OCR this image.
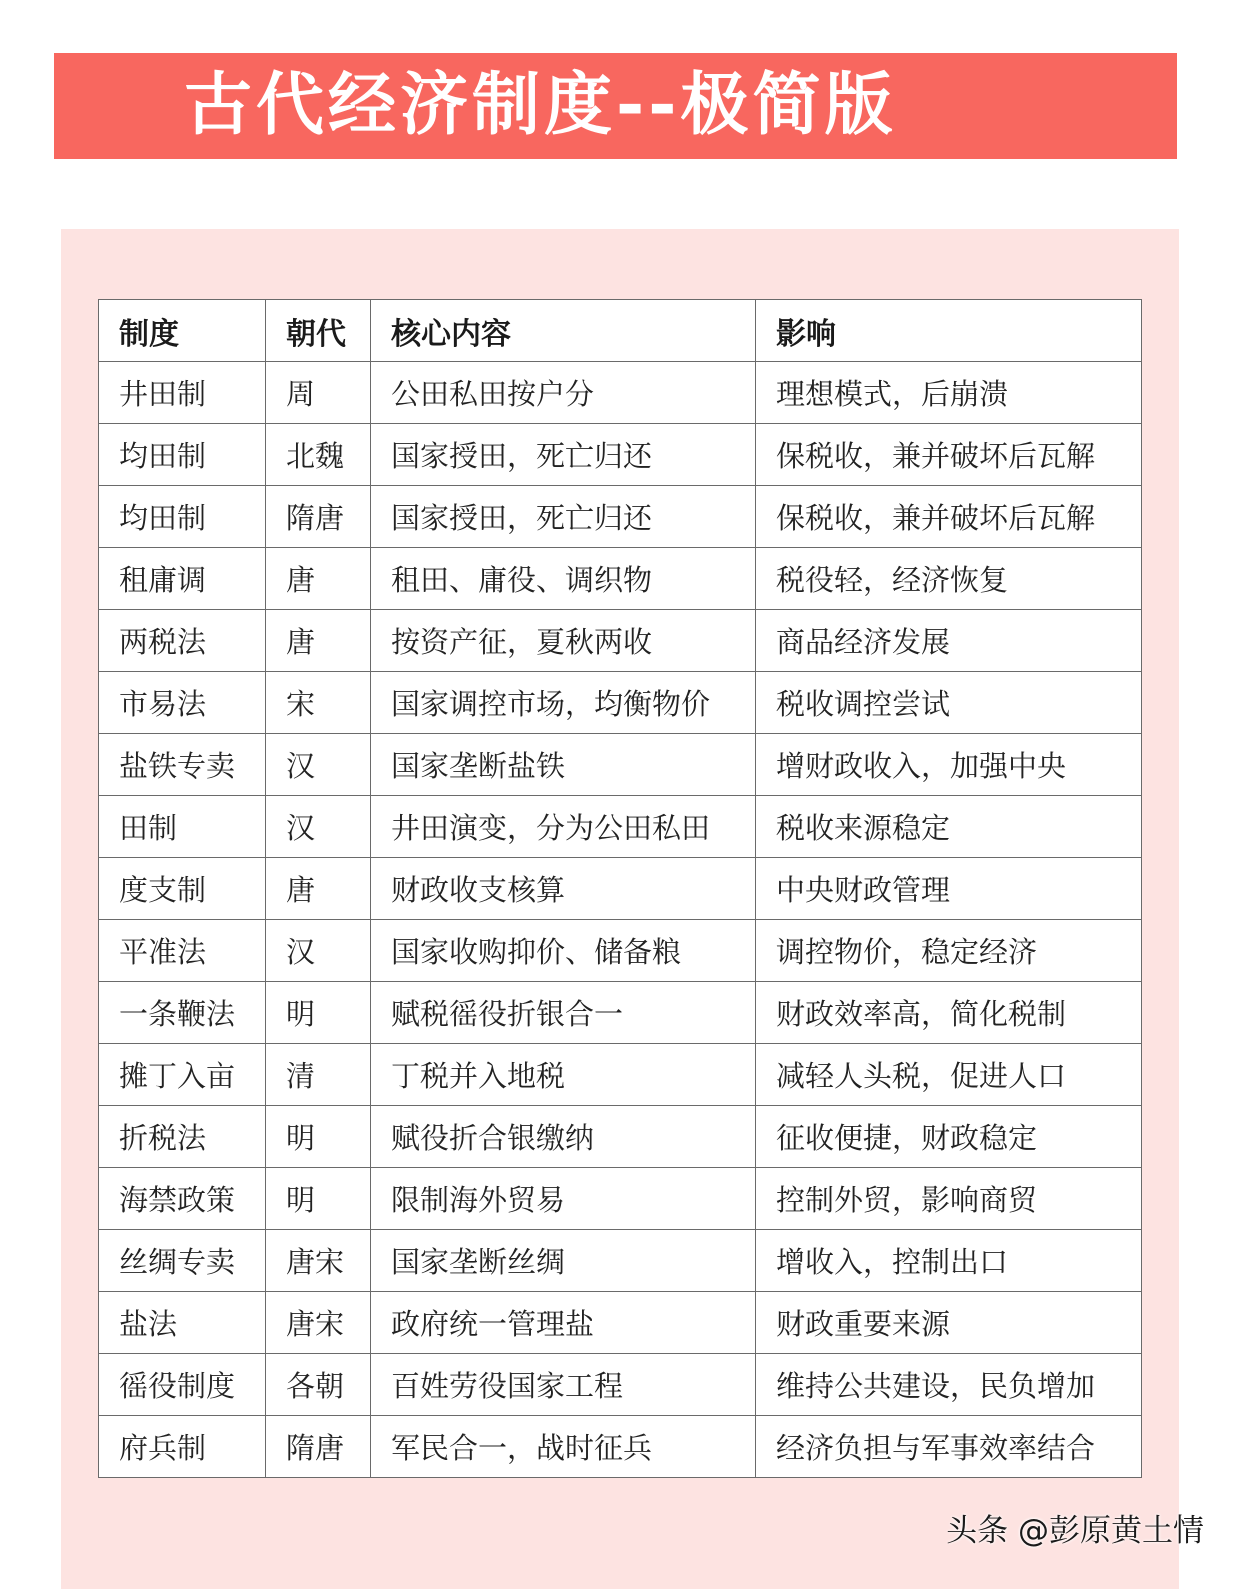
古代经济制度--极简版
制度	朝代	核心内容	影响
井田制	周	公田私田按户分	理想模式，后崩溃
均田制	北魏	国家授田，死亡归还	保税收，兼并破坏后瓦解
均田制	隋唐	国家授田，死亡归还	保税收，兼并破坏后瓦解
租庸调	唐	租田、庸役、调织物	税役轻，经济恢复
两税法	唐	按资产征，夏秋两收	商品经济发展
市易法	宋	国家调控市场，均衡物价	税收调控尝试
盐铁专卖	汉	国家垄断盐铁	增财政收入，加强中央
田制	汉	井田演变，分为公田私田	税收来源稳定
度支制	唐	财政收支核算	中央财政管理
平准法	汉	国家收购抑价、储备粮	调控物价，稳定经济
一条鞭法	明	赋税徭役折银合一	财政效率高，简化税制
摊丁入亩	清	丁税并入地税	减轻人头税，促进人口
折税法	明	赋役折合银缴纳	征收便捷，财政稳定
海禁政策	明	限制海外贸易	控制外贸，影响商贸
丝绸专卖	唐宋	国家垄断丝绸	增收入，控制出口
盐法	唐宋	政府统一管理盐	财政重要来源
徭役制度	各朝	百姓劳役国家工程	维持公共建设，民负增加
府兵制	隋唐	军民合一，战时征兵	经济负担与军事效率结合
头条 @彭原黄土情
